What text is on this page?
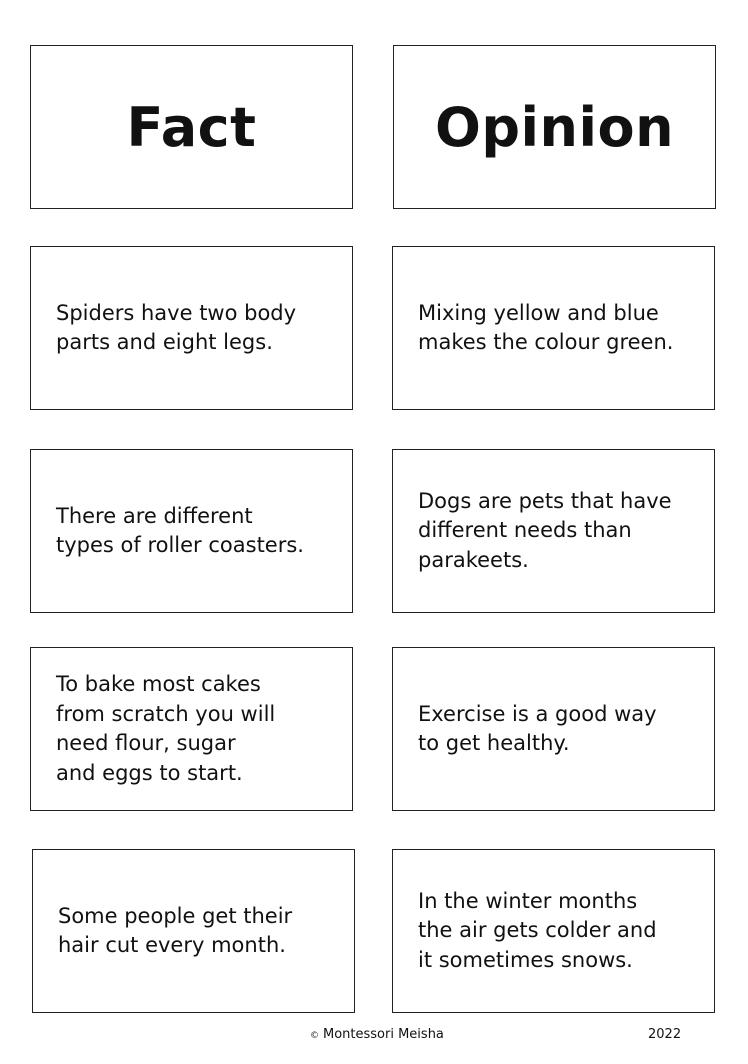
Fact	Opinion
Spiders have two body
parts and eight legs.
Mixing yellow and blue
makes the colour green.
There are different
types of roller coasters.
Dogs are pets that have
different needs than
parakeets.
To bake most cakes
from scratch you will
need flour, sugar
and eggs to start.
Exercise is a good way
to get healthy.
Some people get their
hair cut every month.
In the winter months
the air gets colder and
it sometimes snows.
© Montessori Meisha	2022
